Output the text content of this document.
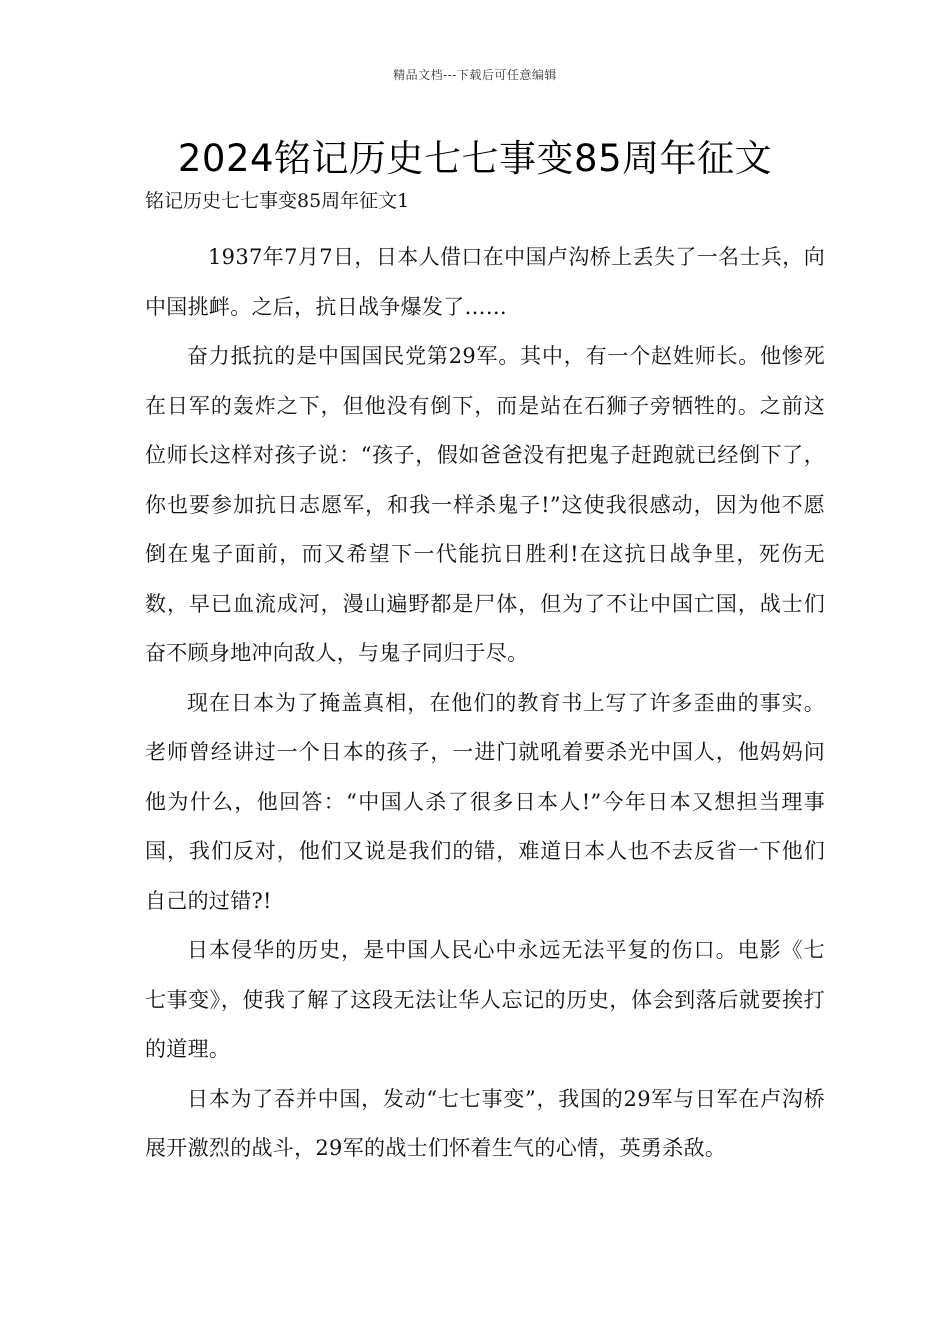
精品文档---下载后可任意编辑
2024铭记历史七七事变85周年征文
铭记历史七七事变85周年征文1

1937年7月7日，日本人借口在中国卢沟桥上丢失了一名士兵，向中国挑衅。之后，抗日战争爆发了……

奋力抵抗的是中国国民党第29军。其中，有一个赵姓师长。他惨死在日军的轰炸之下，但他没有倒下，而是站在石狮子旁牺牲的。之前这位师长这样对孩子说：“孩子，假如爸爸没有把鬼子赶跑就已经倒下了，你也要参加抗日志愿军，和我一样杀鬼子!”这使我很感动，因为他不愿倒在鬼子面前，而又希望下一代能抗日胜利!在这抗日战争里，死伤无数，早已血流成河，漫山遍野都是尸体，但为了不让中国亡国，战士们奋不顾身地冲向敌人，与鬼子同归于尽。

现在日本为了掩盖真相，在他们的教育书上写了许多歪曲的事实。老师曾经讲过一个日本的孩子，一进门就吼着要杀光中国人，他妈妈问他为什么，他回答：“中国人杀了很多日本人!”今年日本又想担当理事国，我们反对，他们又说是我们的错，难道日本人也不去反省一下他们自己的过错?!

日本侵华的历史，是中国人民心中永远无法平复的伤口。电影《七七事变》，使我了解了这段无法让华人忘记的历史，体会到落后就要挨打的道理。

日本为了吞并中国，发动“七七事变”，我国的29军与日军在卢沟桥展开激烈的战斗，29军的战士们怀着生气的心情，英勇杀敌。
